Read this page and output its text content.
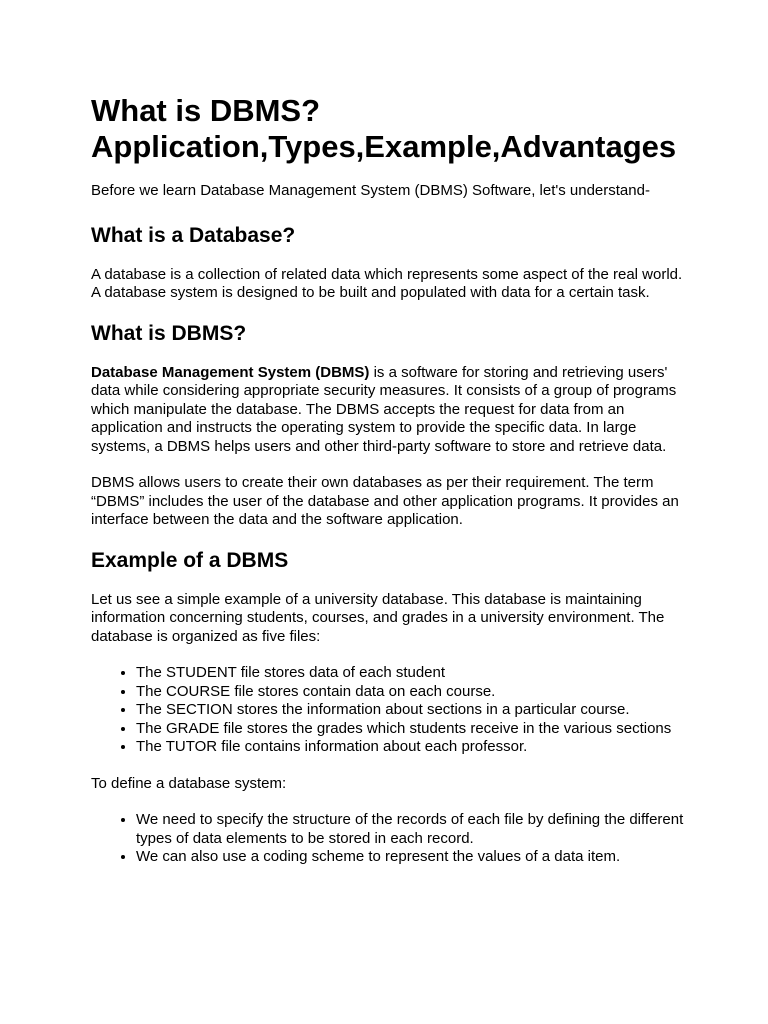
What is DBMS?
Application,Types,Example,Advantages

Before we learn Database Management System (DBMS) Software, let's understand-

What is a Database?

A database is a collection of related data which represents some aspect of the real world. A database system is designed to be built and populated with data for a certain task.

What is DBMS?

Database Management System (DBMS) is a software for storing and retrieving users' data while considering appropriate security measures. It consists of a group of programs which manipulate the database. The DBMS accepts the request for data from an application and instructs the operating system to provide the specific data. In large systems, a DBMS helps users and other third-party software to store and retrieve data.

DBMS allows users to create their own databases as per their requirement. The term “DBMS” includes the user of the database and other application programs. It provides an interface between the data and the software application.

Example of a DBMS

Let us see a simple example of a university database. This database is maintaining information concerning students, courses, and grades in a university environment. The database is organized as five files:

• The STUDENT file stores data of each student
• The COURSE file stores contain data on each course.
• The SECTION stores the information about sections in a particular course.
• The GRADE file stores the grades which students receive in the various sections
• The TUTOR file contains information about each professor.

To define a database system:

• We need to specify the structure of the records of each file by defining the different types of data elements to be stored in each record.
• We can also use a coding scheme to represent the values of a data item.
